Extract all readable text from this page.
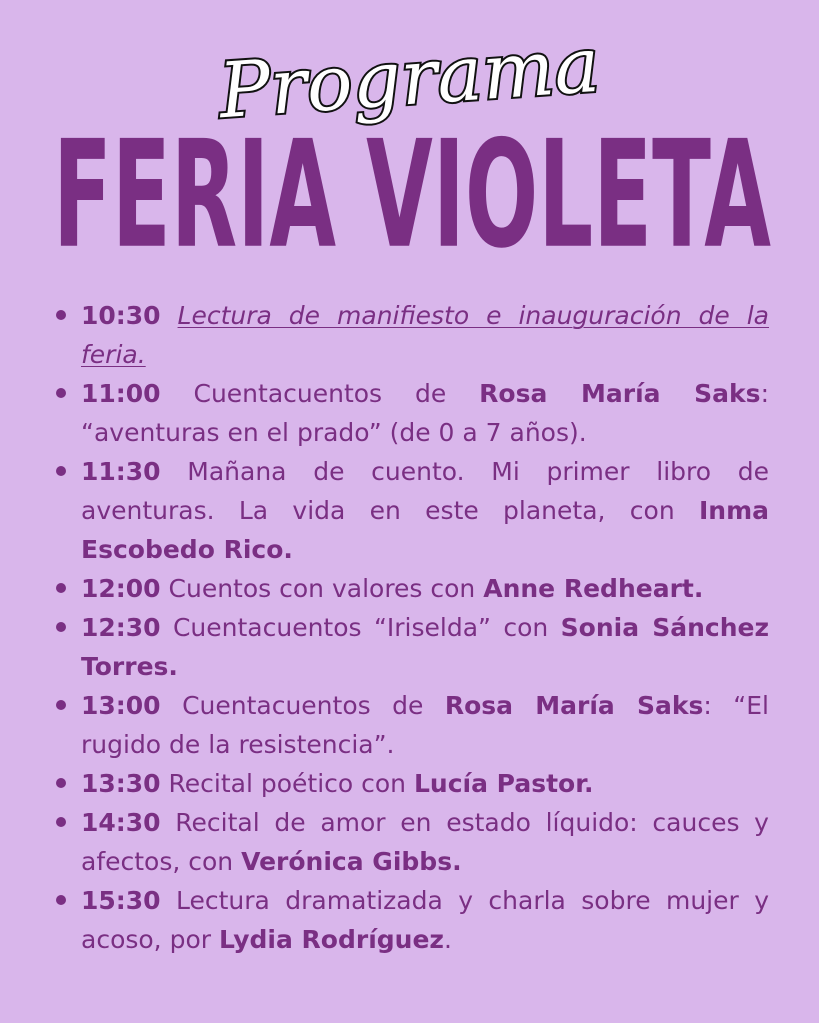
Programa
FERIA VIOLETA
10:30 Lectura de manifiesto e inauguración de la feria.
11:00 Cuentacuentos de Rosa María Saks: “aventuras en el prado” (de 0 a 7 años).
11:30 Mañana de cuento. Mi primer libro de aventuras. La vida en este planeta, con Inma Escobedo Rico.
12:00 Cuentos con valores con Anne Redheart.
12:30 Cuentacuentos “Iriselda” con Sonia Sánchez Torres.
13:00 Cuentacuentos de Rosa María Saks: “El rugido de la resistencia”.
13:30 Recital poético con Lucía Pastor.
14:30 Recital de amor en estado líquido: cauces y afectos, con Verónica Gibbs.
15:30 Lectura dramatizada y charla sobre mujer y acoso, por Lydia Rodríguez.
